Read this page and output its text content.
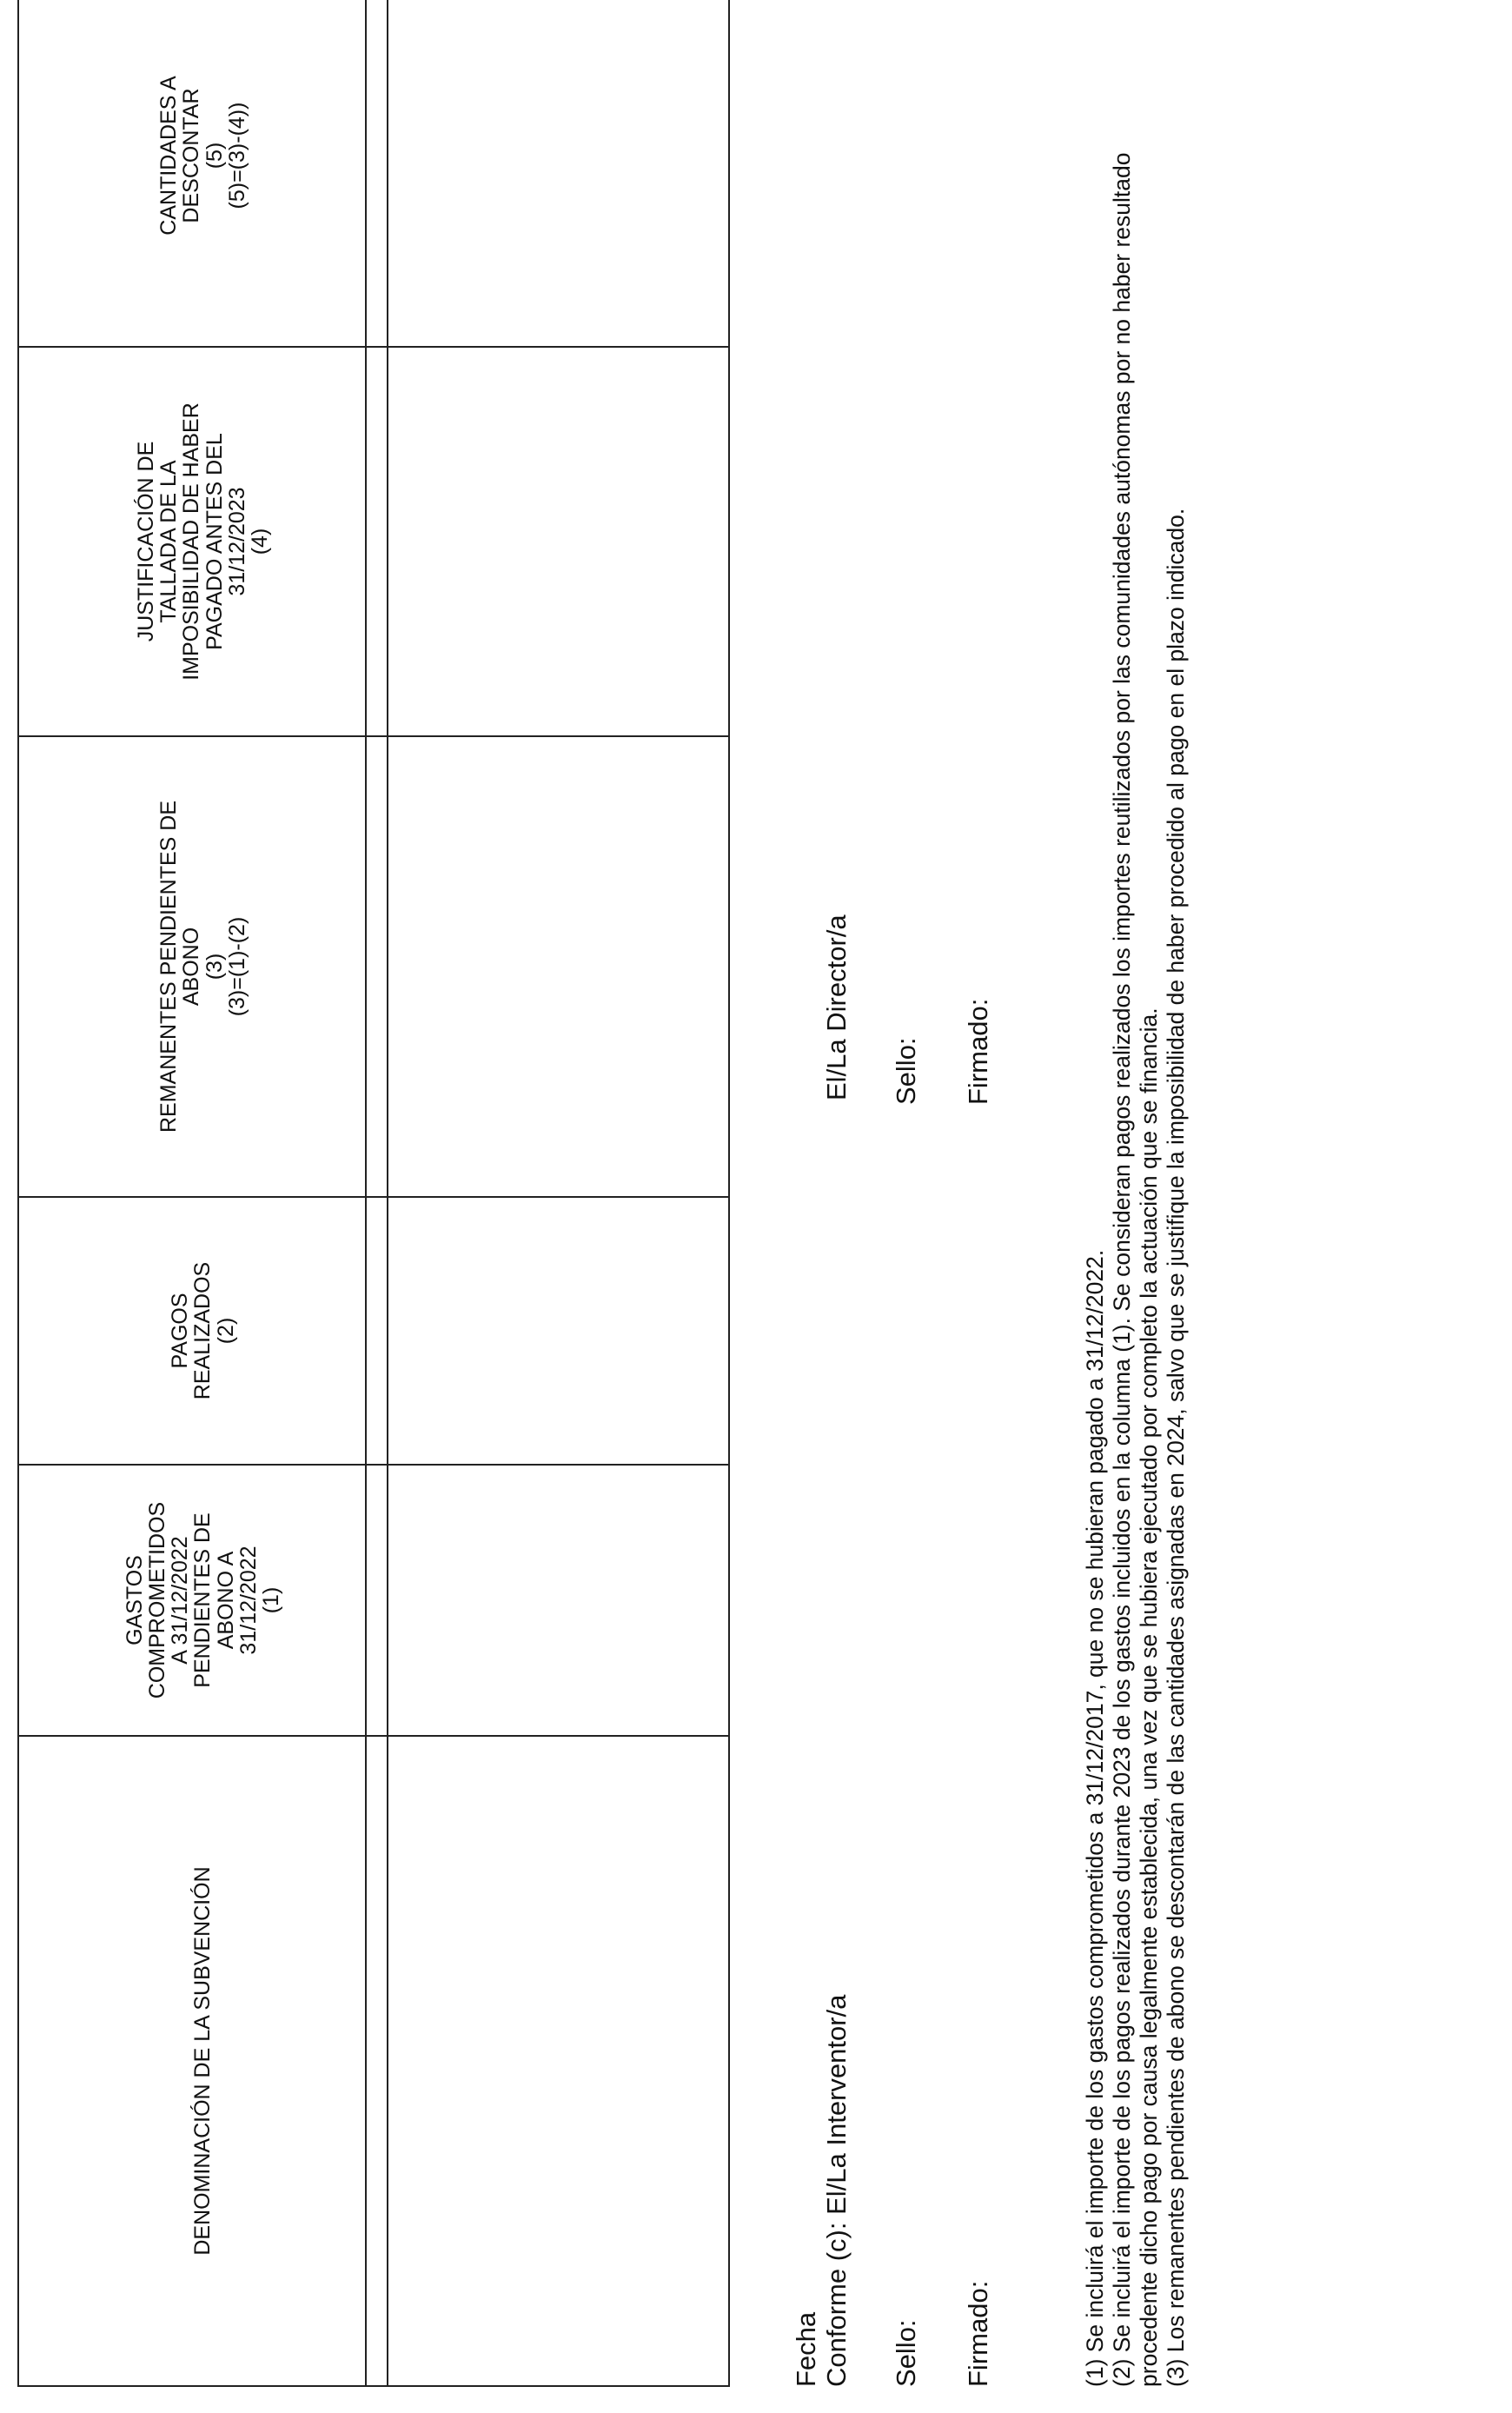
DENOMINACIÓN DE LA SUBVENCIÓN	GASTOS
COMPROMETIDOS
A 31/12/2022
PENDIENTES DE
ABONO A
31/12/2022
(1)	PAGOS
REALIZADOS
(2)	REMANENTES PENDIENTES DE
ABONO
(3)
(3)=(1)-(2)	JUSTIFICACIÓN DE
TALLADA DE LA
IMPOSIBILIDAD DE HABER
PAGADO ANTES DEL
31/12/2023
(4)	CANTIDADES A
DESCONTAR
(5)
(5)=(3)-(4))

Fecha Conforme (c): El/La Interventor/a Sello: Firmado:
El/La Director/a Sello: Firmado:

(1) Se incluirá el importe de los gastos comprometidos a 31/12/2017, que no se hubieran pagado a 31/12/2022. (2) Se incluirá el importe de los pagos realizados durante 2023 de los gastos incluidos en la columna (1). Se consideran pagos realizados los importes reutilizados por las comunidades autónomas por no haber resultado procedente dicho pago por causa legalmente establecida, una vez que se hubiera ejecutado por completo la actuación que se financia. (3) Los remanentes pendientes de abono se descontarán de las cantidades asignadas en 2024, salvo que se justifique la imposibilidad de haber procedido al pago en el plazo indicado.
